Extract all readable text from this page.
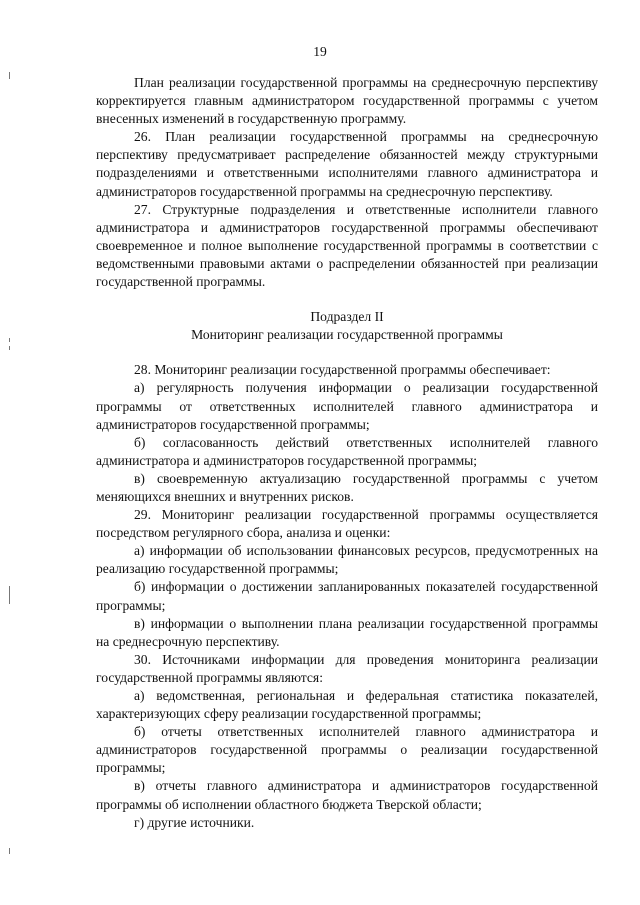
19

План реализации государственной программы на среднесрочную перспективу корректируется главным администратором государственной программы с учетом внесенных изменений в государственную программу.

26. План реализации государственной программы на среднесрочную перспективу предусматривает распределение обязанностей между структурными подразделениями и ответственными исполнителями главного администратора и администраторов государственной программы на среднесрочную перспективу.

27. Структурные подразделения и ответственные исполнители главного администратора и администраторов государственной программы обеспечивают своевременное и полное выполнение государственной программы в соответствии с ведомственными правовыми актами о распределении обязанностей при реализации государственной программы.

Подраздел II

Мониторинг реализации государственной программы

28. Мониторинг реализации государственной программы обеспечивает:

а) регулярность получения информации о реализации государственной программы от ответственных исполнителей главного администратора и администраторов государственной программы;

б) согласованность действий ответственных исполнителей главного администратора и администраторов государственной программы;

в) своевременную актуализацию государственной программы с учетом меняющихся внешних и внутренних рисков.

29. Мониторинг реализации государственной программы осуществляется посредством регулярного сбора, анализа и оценки:

а) информации об использовании финансовых ресурсов, предусмотренных на реализацию государственной программы;

б) информации о достижении запланированных показателей государственной программы;

в) информации о выполнении плана реализации государственной программы на среднесрочную перспективу.

30. Источниками информации для проведения мониторинга реализации государственной программы являются:

а) ведомственная, региональная и федеральная статистика показателей, характеризующих сферу реализации государственной программы;

б) отчеты ответственных исполнителей главного администратора и администраторов государственной программы о реализации государственной программы;

в) отчеты главного администратора и администраторов государственной программы об исполнении областного бюджета Тверской области;

г) другие источники.
